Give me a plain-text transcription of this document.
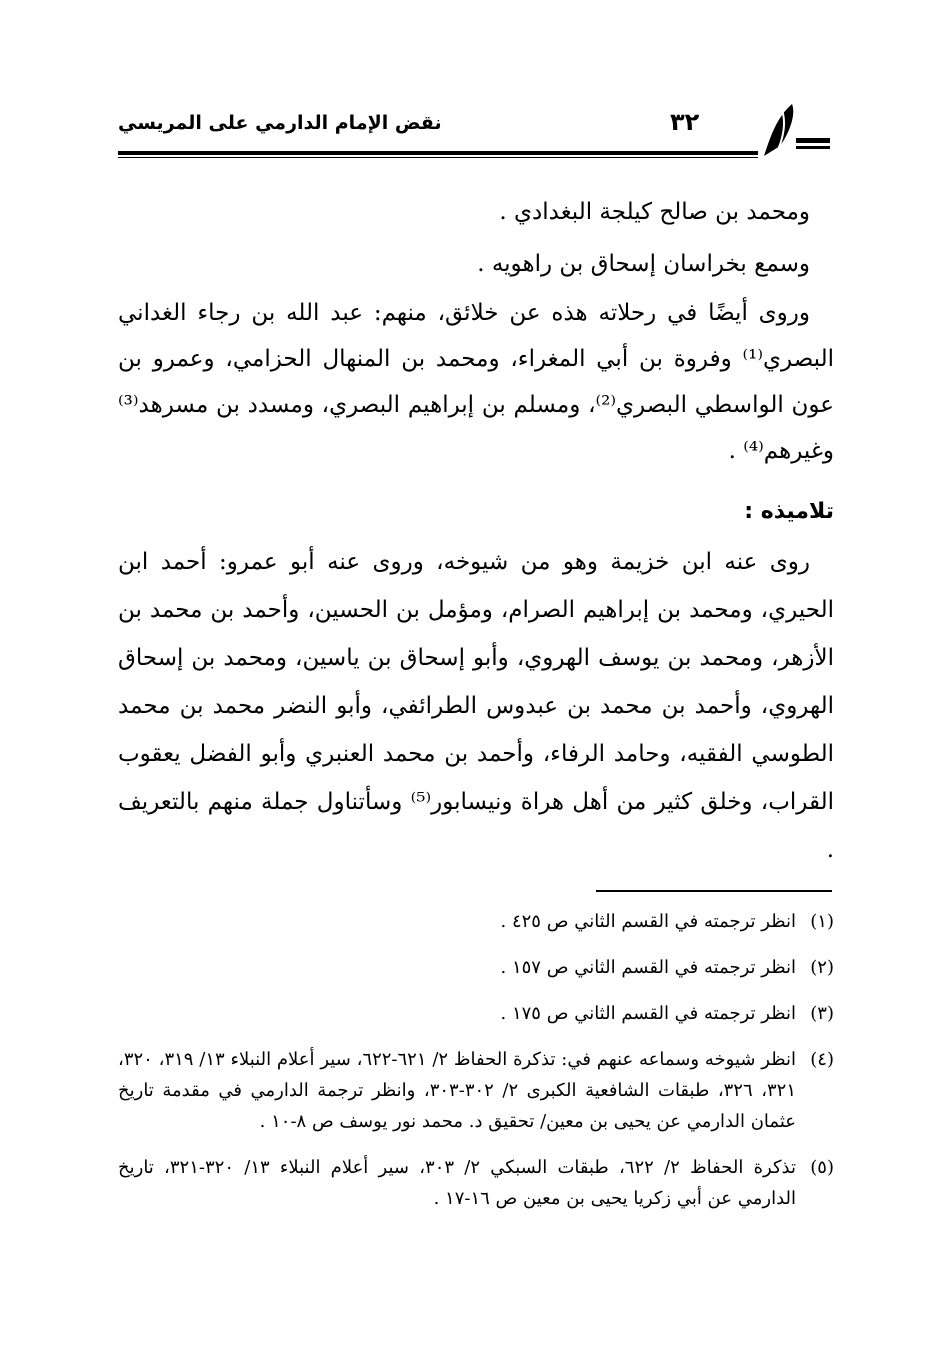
نقض الإمام الدارمي على المريسي	٣٢

ومحمد بن صالح كيلجة البغدادي .

وسمع بخراسان إسحاق بن راهويه .

وروى أيضًا في رحلاته هذه عن خلائق، منهم: عبد الله بن رجاء الغداني البصري⁽¹⁾ وفروة بن أبي المغراء، ومحمد بن المنهال الحزامي، وعمرو بن عون الواسطي البصري⁽²⁾، ومسلم بن إبراهيم البصري، ومسدد بن مسرهد⁽³⁾ وغيرهم⁽⁴⁾ .

تلاميذه :

روى عنه ابن خزيمة وهو من شيوخه، وروى عنه أبو عمرو: أحمد ابن الحيري، ومحمد بن إبراهيم الصرام، ومؤمل بن الحسين، وأحمد بن محمد بن الأزهر، ومحمد بن يوسف الهروي، وأبو إسحاق بن ياسين، ومحمد بن إسحاق الهروي، وأحمد بن محمد بن عبدوس الطرائفي، وأبو النضر محمد بن محمد الطوسي الفقيه، وحامد الرفاء، وأحمد بن محمد العنبري وأبو الفضل يعقوب القراب، وخلق كثير من أهل هراة ونيسابور⁽⁵⁾ وسأتناول جملة منهم بالتعريف .

(١)
انظر ترجمته في القسم الثاني ص ٤٢٥ .
(٢)
انظر ترجمته في القسم الثاني ص ١٥٧ .
(٣)
انظر ترجمته في القسم الثاني ص ١٧٥ .
(٤)
انظر شيوخه وسماعه عنهم في: تذكرة الحفاظ ٢/ ٦٢١-٦٢٢، سير أعلام النبلاء ١٣/ ٣١٩، ٣٢٠، ٣٢١، ٣٢٦، طبقات الشافعية الكبرى ٢/ ٣٠٢-٣٠٣، وانظر ترجمة الدارمي في مقدمة تاريخ عثمان الدارمي عن يحيى بن معين/ تحقيق د. محمد نور يوسف ص ٨-١٠ .
(٥)
تذكرة الحفاظ ٢/ ٦٢٢، طبقات السبكي ٢/ ٣٠٣، سير أعلام النبلاء ١٣/ ٣٢٠-٣٢١، تاريخ الدارمي عن أبي زكريا يحيى بن معين ص ١٦-١٧ .
